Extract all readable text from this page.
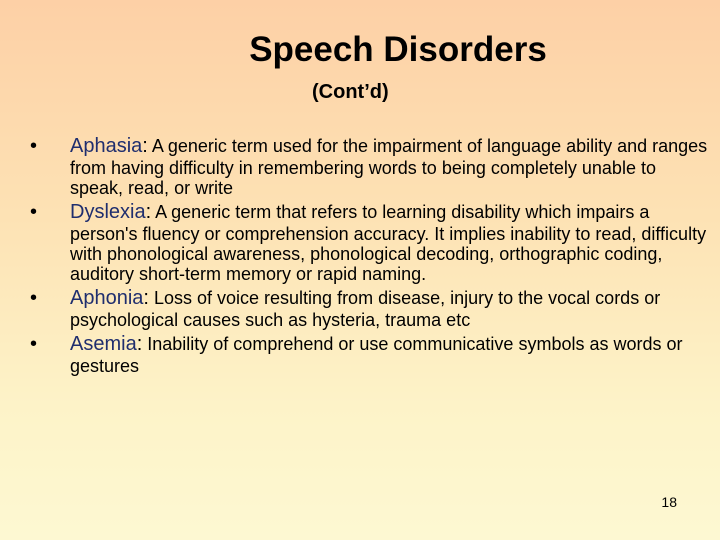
Speech Disorders
(Cont’d)
•	Aphasia: A generic term used for the impairment of language ability and ranges from having difficulty in remembering words to being completely unable to speak, read, or write
•	Dyslexia: A generic term that refers to learning disability which impairs a person's fluency or comprehension accuracy. It implies inability to read, difficulty with phonological awareness, phonological decoding, orthographic coding, auditory short-term memory or rapid naming.
•	Aphonia: Loss of voice resulting from disease, injury to the vocal cords or psychological causes such as hysteria, trauma etc
•	Asemia: Inability of comprehend or use communicative symbols as words or gestures
18
